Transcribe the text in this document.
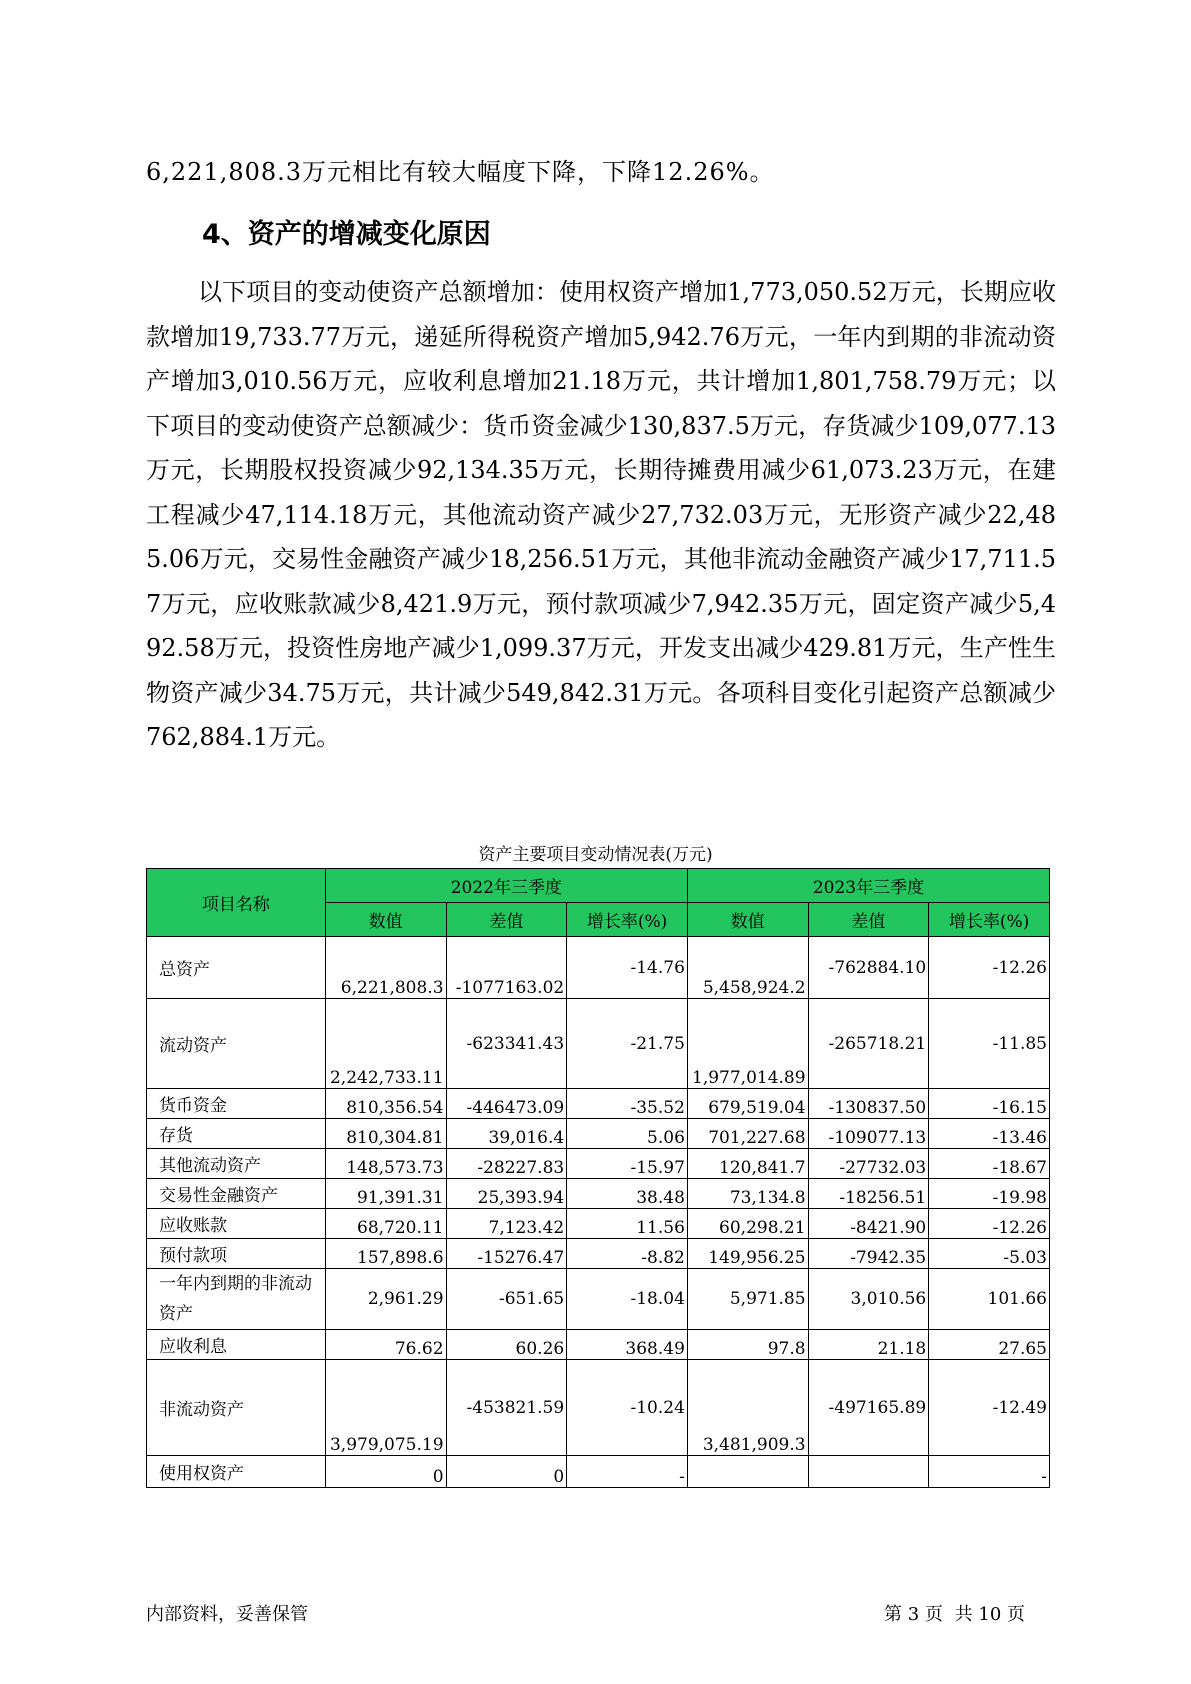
6,221,808.3万元相比有较大幅度下降，下降12.26%。
4、资产的增减变化原因
以下项目的变动使资产总额增加：使用权资产增加1,773,050.52万元，长期应收款增加19,733.77万元，递延所得税资产增加5,942.76万元，一年内到期的非流动资产增加3,010.56万元，应收利息增加21.18万元，共计增加1,801,758.79万元；以下项目的变动使资产总额减少：货币资金减少130,837.5万元，存货减少109,077.13万元，长期股权投资减少92,134.35万元，长期待摊费用减少61,073.23万元，在建工程减少47,114.18万元，其他流动资产减少27,732.03万元，无形资产减少22,485.06万元，交易性金融资产减少18,256.51万元，其他非流动金融资产减少17,711.57万元，应收账款减少8,421.9万元，预付款项减少7,942.35万元，固定资产减少5,492.58万元，投资性房地产减少1,099.37万元，开发支出减少429.81万元，生产性生物资产减少34.75万元，共计减少549,842.31万元。各项科目变化引起资产总额减少762,884.1万元。
资产主要项目变动情况表(万元)
项目名称	2022年三季度			2023年三季度		
	数值	差值	增长率(%)	数值	差值	增长率(%)
总资产	6,221,808.3	-1077163.02	-14.76	5,458,924.2	-762884.10	-12.26
流动资产	2,242,733.11	-623341.43	-21.75	1,977,014.89	-265718.21	-11.85
货币资金	810,356.54	-446473.09	-35.52	679,519.04	-130837.50	-16.15
存货	810,304.81	39,016.4	5.06	701,227.68	-109077.13	-13.46
其他流动资产	148,573.73	-28227.83	-15.97	120,841.7	-27732.03	-18.67
交易性金融资产	91,391.31	25,393.94	38.48	73,134.8	-18256.51	-19.98
应收账款	68,720.11	7,123.42	11.56	60,298.21	-8421.90	-12.26
预付款项	157,898.6	-15276.47	-8.82	149,956.25	-7942.35	-5.03
一年内到期的非流动资产	2,961.29	-651.65	-18.04	5,971.85	3,010.56	101.66
应收利息	76.62	60.26	368.49	97.8	21.18	27.65
非流动资产	3,979,075.19	-453821.59	-10.24	3,481,909.3	-497165.89	-12.49
使用权资产	0	0	-			-
内部资料，妥善保管	第 3 页 共 10 页
